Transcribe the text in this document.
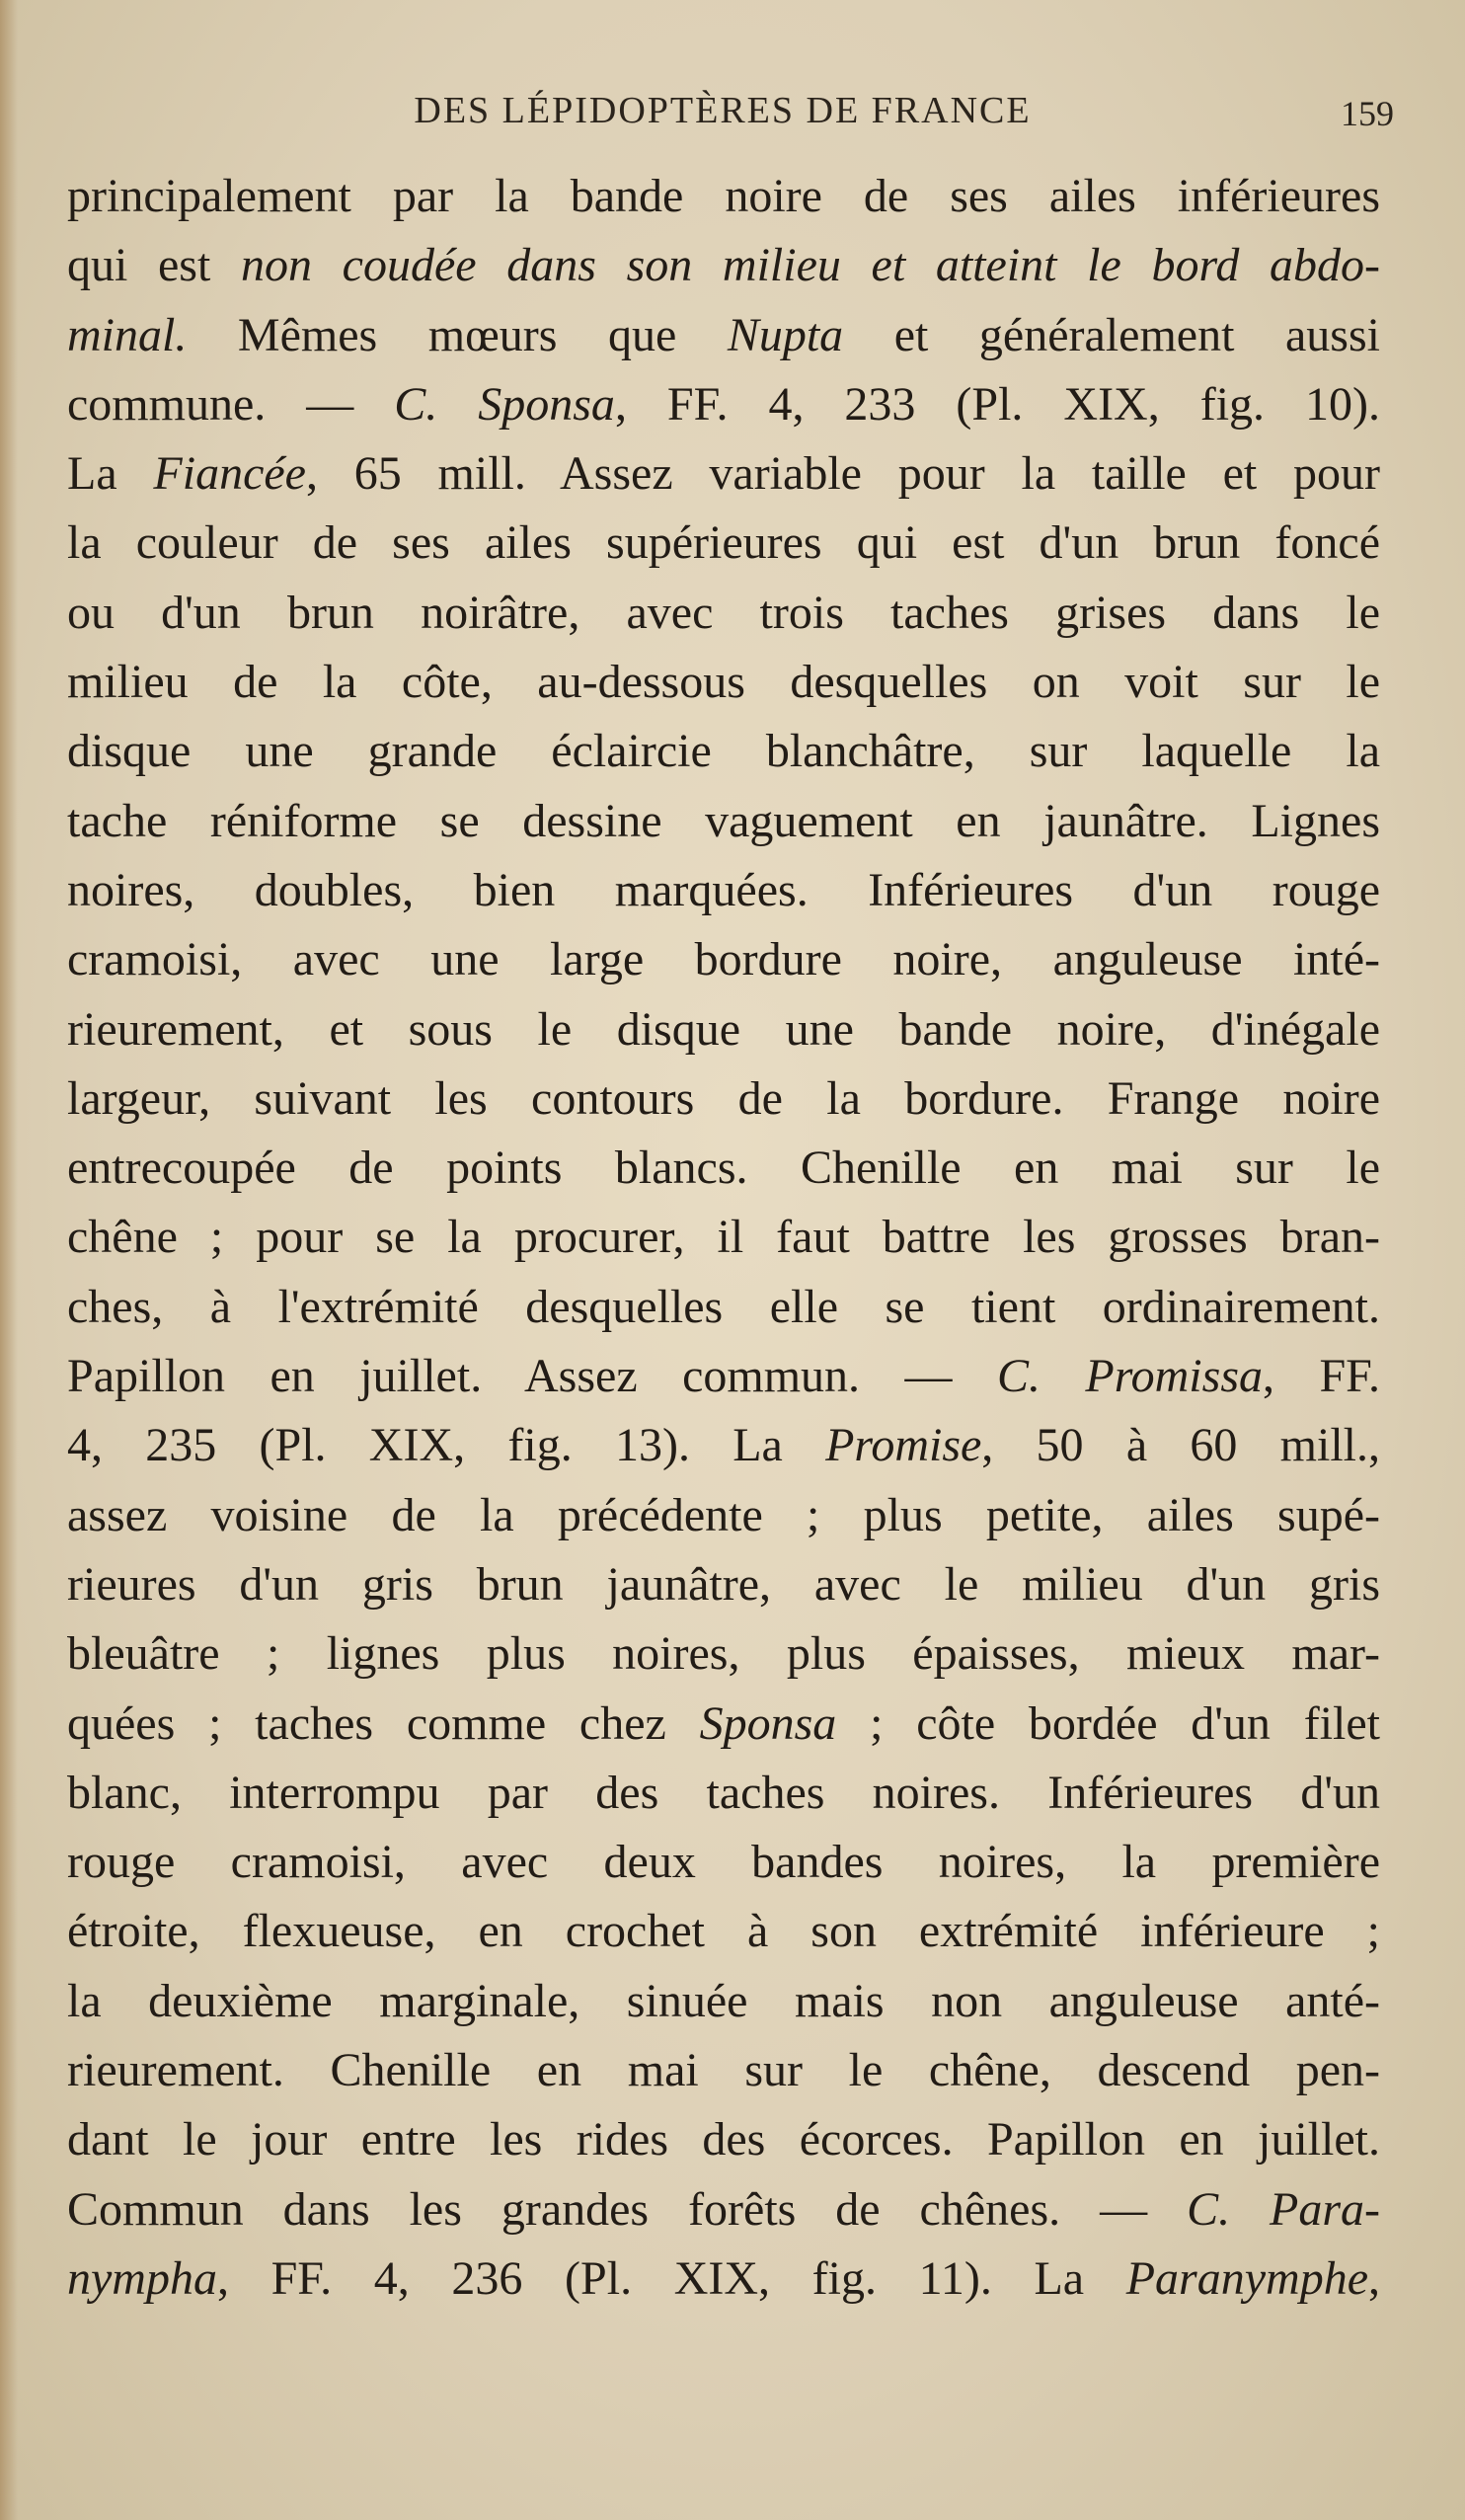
DES LÉPIDOPTÈRES DE FRANCE	159
principalement par la bande noire de ses ailes inférieures
qui est non coudée dans son milieu et atteint le bord abdo-
minal. Mêmes mœurs que Nupta et généralement aussi
commune. — C. Sponsa, FF. 4, 233 (Pl. XIX, fig. 10).
La Fiancée, 65 mill. Assez variable pour la taille et pour
la couleur de ses ailes supérieures qui est d'un brun foncé
ou d'un brun noirâtre, avec trois taches grises dans le
milieu de la côte, au-dessous desquelles on voit sur le
disque une grande éclaircie blanchâtre, sur laquelle la
tache réniforme se dessine vaguement en jaunâtre. Lignes
noires, doubles, bien marquées. Inférieures d'un rouge
cramoisi, avec une large bordure noire, anguleuse inté-
rieurement, et sous le disque une bande noire, d'inégale
largeur, suivant les contours de la bordure. Frange noire
entrecoupée de points blancs. Chenille en mai sur le
chêne ; pour se la procurer, il faut battre les grosses bran-
ches, à l'extrémité desquelles elle se tient ordinairement.
Papillon en juillet. Assez commun. — C. Promissa, FF.
4, 235 (Pl. XIX, fig. 13). La Promise, 50 à 60 mill.,
assez voisine de la précédente ; plus petite, ailes supé-
rieures d'un gris brun jaunâtre, avec le milieu d'un gris
bleuâtre ; lignes plus noires, plus épaisses, mieux mar-
quées ; taches comme chez Sponsa ; côte bordée d'un filet
blanc, interrompu par des taches noires. Inférieures d'un
rouge cramoisi, avec deux bandes noires, la première
étroite, flexueuse, en crochet à son extrémité inférieure ;
la deuxième marginale, sinuée mais non anguleuse anté-
rieurement. Chenille en mai sur le chêne, descend pen-
dant le jour entre les rides des écorces. Papillon en juillet.
Commun dans les grandes forêts de chênes. — C. Para-
nympha, FF. 4, 236 (Pl. XIX, fig. 11). La Paranymphe,
